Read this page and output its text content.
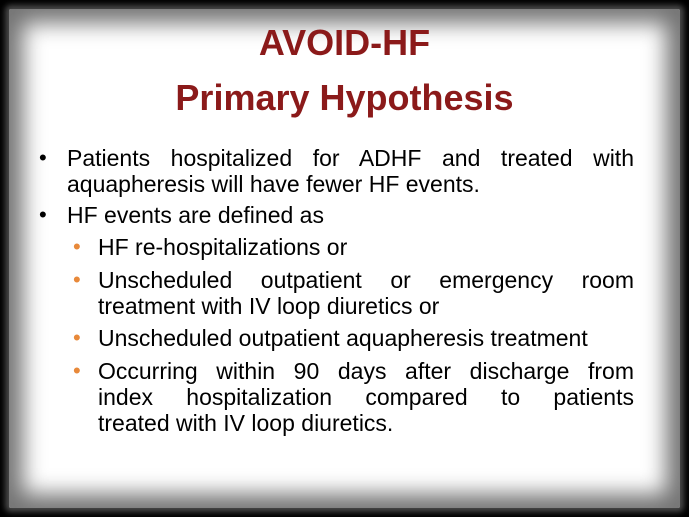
AVOID-HF
Primary Hypothesis
• Patients hospitalized for ADHF and treated with
aquapheresis will have fewer HF events.
• HF events are defined as
• HF re-hospitalizations or
• Unscheduled outpatient or emergency room
treatment with IV loop diuretics or
• Unscheduled outpatient aquapheresis treatment
• Occurring within 90 days after discharge from
index hospitalization compared to patients
treated with IV loop diuretics.
